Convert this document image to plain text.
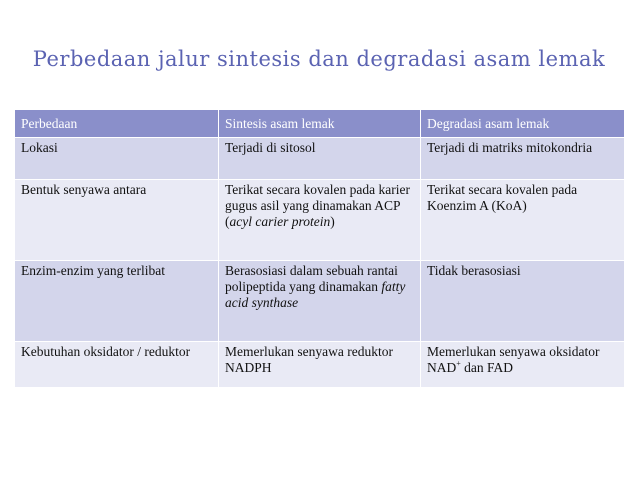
Perbedaan jalur sintesis dan degradasi asam lemak
Perbedaan	Sintesis asam lemak	Degradasi asam lemak
Lokasi	Terjadi di sitosol	Terjadi di matriks mitokondria
Bentuk senyawa antara	Terikat secara kovalen pada karier gugus asil yang dinamakan ACP (acyl carier protein)	Terikat secara kovalen pada Koenzim A (KoA)
Enzim-enzim yang terlibat	Berasosiasi dalam sebuah rantai polipeptida yang dinamakan fatty acid synthase	Tidak berasosiasi
Kebutuhan oksidator / reduktor	Memerlukan senyawa reduktor NADPH	Memerlukan senyawa oksidator NAD+ dan FAD
